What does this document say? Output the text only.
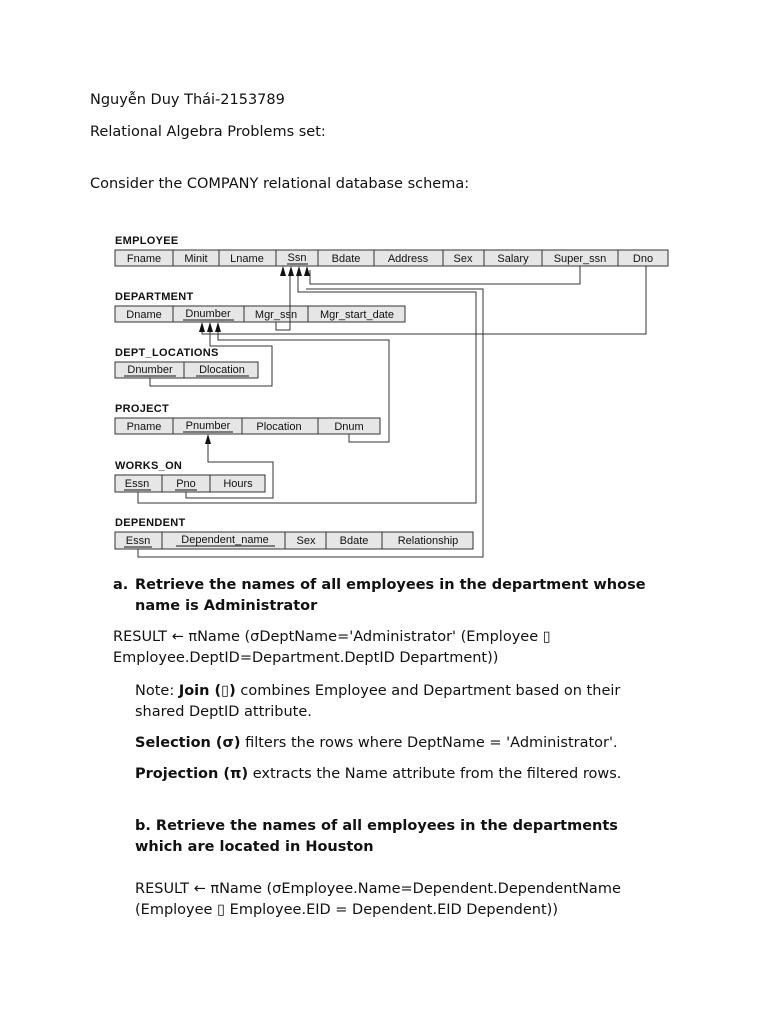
Nguyễn Duy Thái-2153789
Relational Algebra Problems set:
Consider the COMPANY relational database schema:
EMPLOYEE
Fname Minit Lname Ssn Bdate Address Sex Salary Super_ssn Dno
DEPARTMENT
Dname Dnumber Mgr_ssn Mgr_start_date
DEPT_LOCATIONS
Dnumber Dlocation
PROJECT
Pname Pnumber Plocation	Dnum
WORKS_ON
Essn Pno	Hours
DEPENDENT
Essn	Dependent_name	Sex Bdate	Relationship
a. Retrieve the names of all employees in the department whose
name is Administrator
RESULT ← πName (σDeptName='Administrator' (Employee ▯
Employee.DeptID=Department.DeptID Department))
Note: Join (▯) combines Employee and Department based on their
shared DeptID attribute.
Selection (σ) filters the rows where DeptName = 'Administrator'.
Projection (π) extracts the Name attribute from the filtered rows.
b. Retrieve the names of all employees in the departments
which are located in Houston
RESULT ← πName (σEmployee.Name=Dependent.DependentName
(Employee ▯ Employee.EID = Dependent.EID Dependent))
